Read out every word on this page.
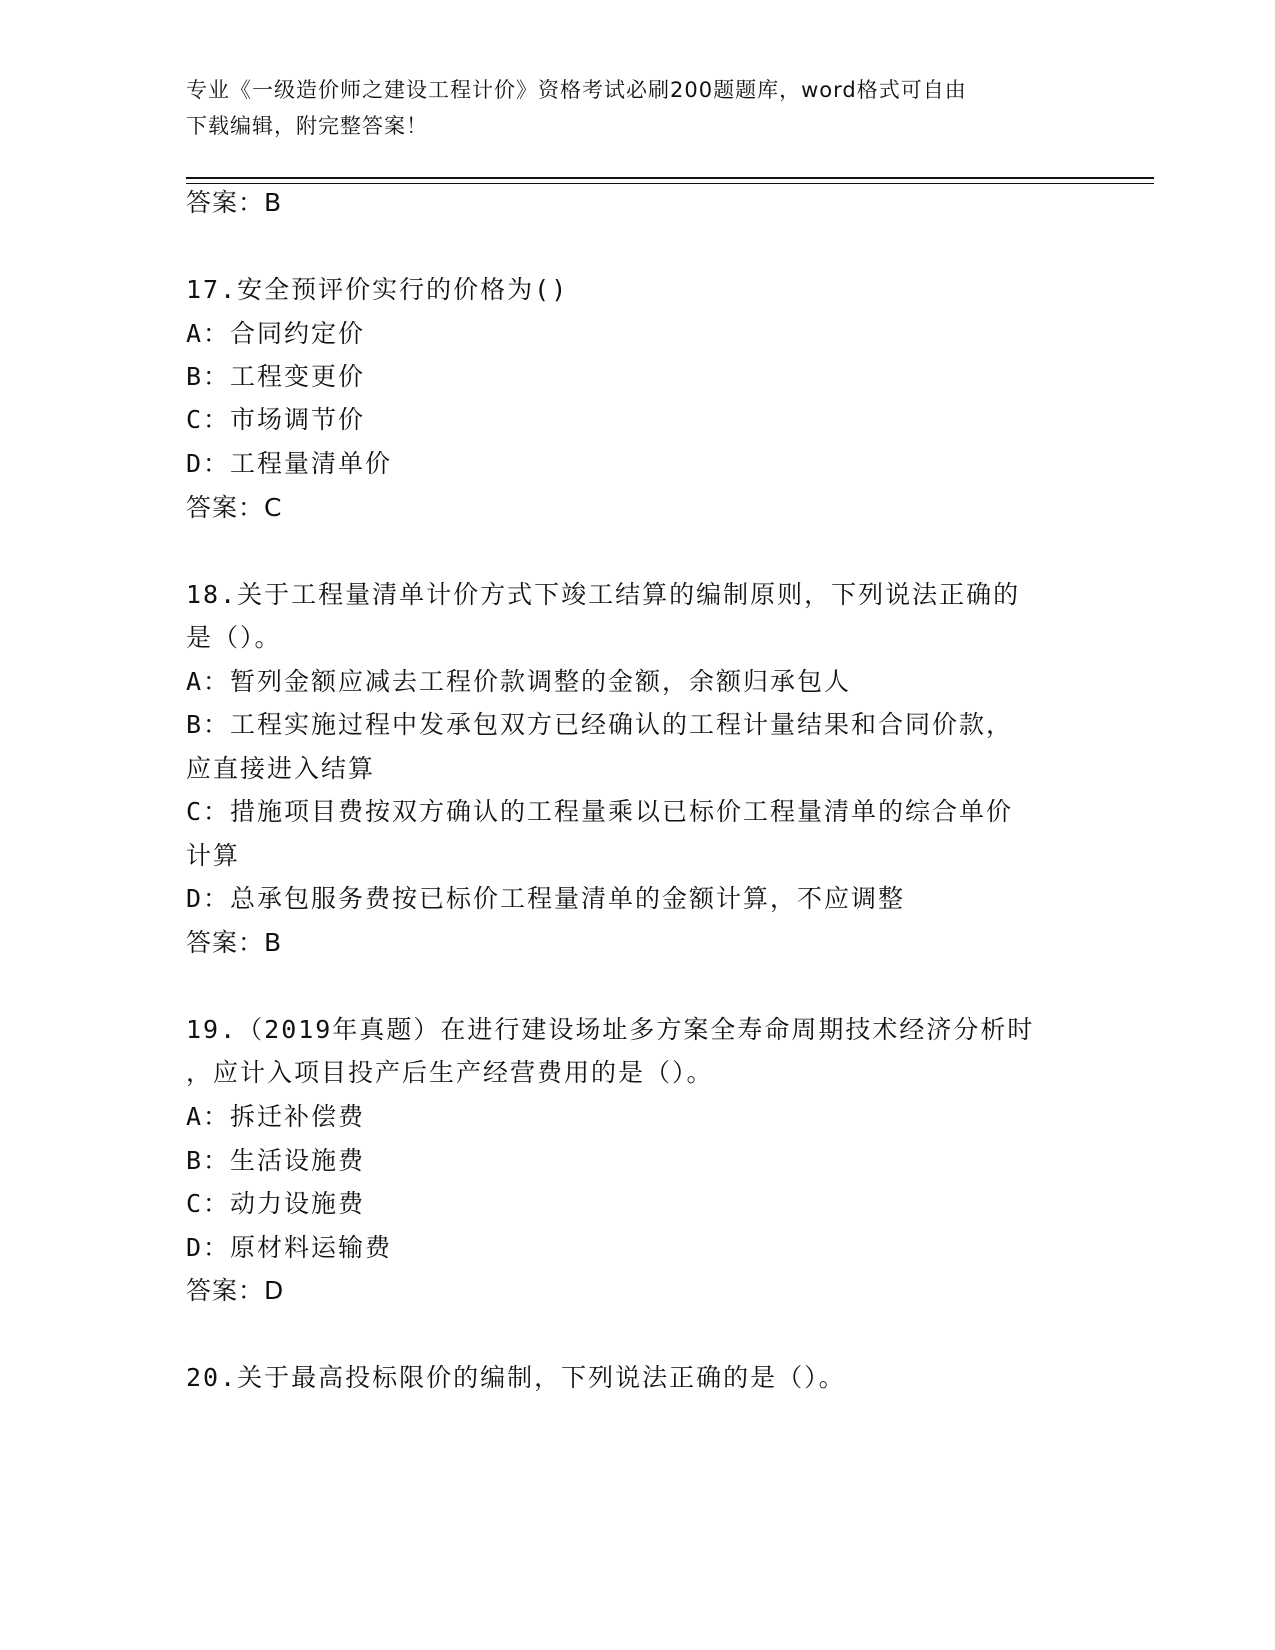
专业《一级造价师之建设工程计价》资格考试必刷200题题库，word格式可自由
下载编辑，附完整答案！
答案：B
17.安全预评价实行的价格为()
A：合同约定价
B：工程变更价
C：市场调节价
D：工程量清单价
答案：C
18.关于工程量清单计价方式下竣工结算的编制原则，下列说法正确的
是（）。
A：暂列金额应减去工程价款调整的金额，余额归承包人
B：工程实施过程中发承包双方已经确认的工程计量结果和合同价款，
应直接进入结算
C：措施项目费按双方确认的工程量乘以已标价工程量清单的综合单价
计算
D：总承包服务费按已标价工程量清单的金额计算，不应调整
答案：B
19.（2019年真题）在进行建设场址多方案全寿命周期技术经济分析时
，应计入项目投产后生产经营费用的是（）。
A：拆迁补偿费
B：生活设施费
C：动力设施费
D：原材料运输费
答案：D
20.关于最高投标限价的编制，下列说法正确的是（）。
